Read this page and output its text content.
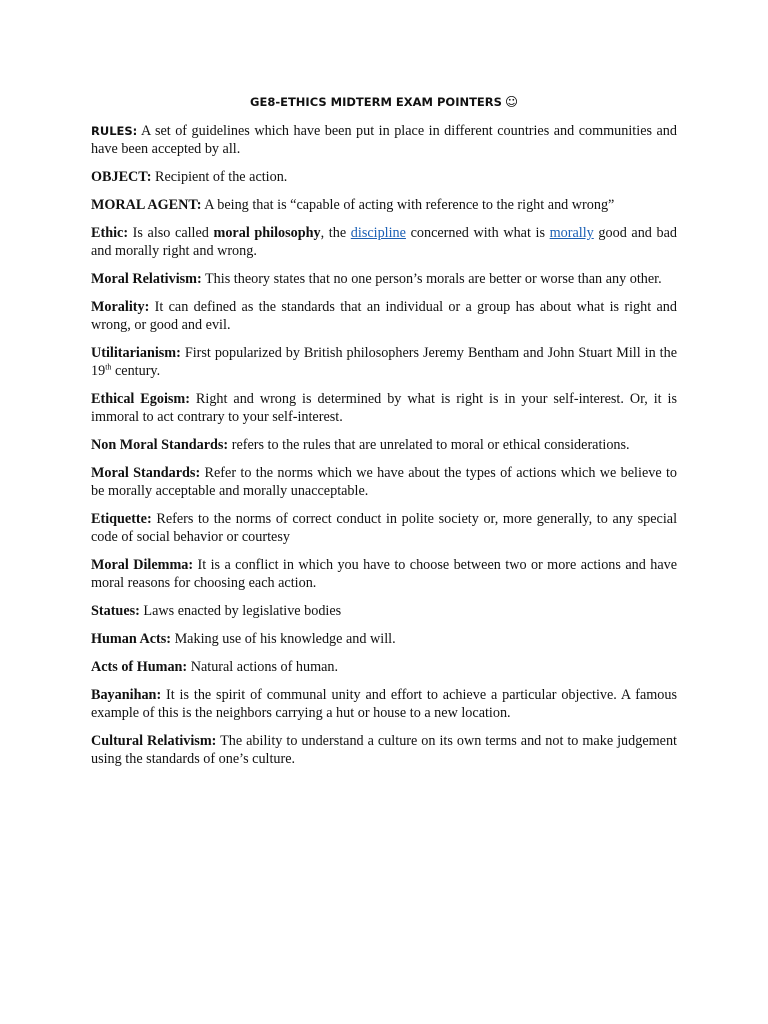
GE8-ETHICS MIDTERM EXAM POINTERS ☺

RULES: A set of guidelines which have been put in place in different countries and communities and have been accepted by all.

OBJECT: Recipient of the action.

MORAL AGENT: A being that is “capable of acting with reference to the right and wrong”

Ethic: Is also called moral philosophy, the discipline concerned with what is morally good and bad and morally right and wrong.

Moral Relativism: This theory states that no one person’s morals are better or worse than any other.

Morality: It can defined as the standards that an individual or a group has about what is right and wrong, or good and evil.

Utilitarianism: First popularized by British philosophers Jeremy Bentham and John Stuart Mill in the 19th century.

Ethical Egoism: Right and wrong is determined by what is right is in your self-interest. Or, it is immoral to act contrary to your self-interest.

Non Moral Standards: refers to the rules that are unrelated to moral or ethical considerations.

Moral Standards: Refer to the norms which we have about the types of actions which we believe to be morally acceptable and morally unacceptable.

Etiquette: Refers to the norms of correct conduct in polite society or, more generally, to any special code of social behavior or courtesy

Moral Dilemma: It is a conflict in which you have to choose between two or more actions and have moral reasons for choosing each action.

Statues: Laws enacted by legislative bodies

Human Acts: Making use of his knowledge and will.

Acts of Human: Natural actions of human.

Bayanihan: It is the spirit of communal unity and effort to achieve a particular objective. A famous example of this is the neighbors carrying a hut or house to a new location.

Cultural Relativism: The ability to understand a culture on its own terms and not to make judgement using the standards of one’s culture.
